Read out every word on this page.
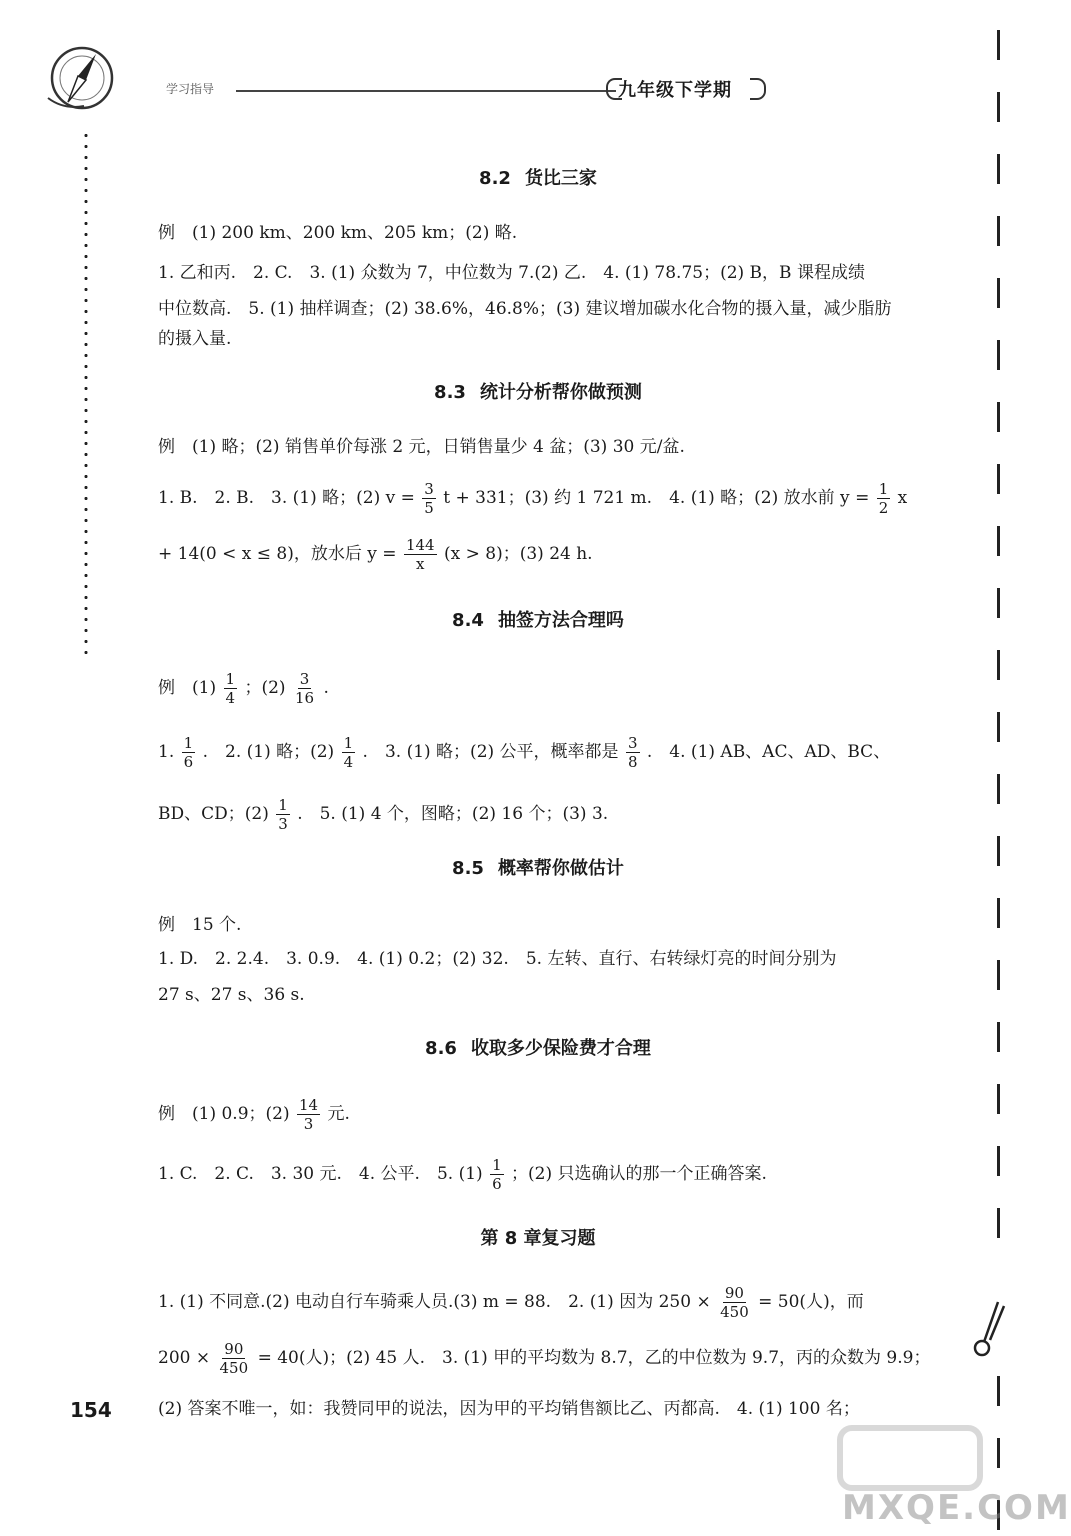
学习指导	九年级下学期
154
8.2 货比三家
例　(1) 200 km、200 km、205 km；(2) 略.
1. 乙和丙.　2. C.　3. (1) 众数为 7，中位数为 7.(2) 乙.　4. (1) 78.75；(2) B，B 课程成绩
中位数高.　5. (1) 抽样调查；(2) 38.6%，46.8%；(3) 建议增加碳水化合物的摄入量，减少脂肪
的摄入量.
8.3 统计分析帮你做预测
例　(1) 略；(2) 销售单价每涨 2 元，日销售量少 4 盆；(3) 30 元/盆.
1. B.　2. B.　3. (1) 略；(2) $v = \frac{3}{5}$ t + 331；(3) 约 1 721 m.　4. (1) 略；(2) 放水前 $y = \frac{1}{2}$ x
+ 14(0 < x ≤ 8)，放水后 $y = \frac{144}{x} (x > 8)$；(3) 24 h.
8.4 抽签方法合理吗
例　$(1) \frac{1}{4}$ ；$(2) \frac{3}{16}$ .
1. $\frac{1}{6}$ .　2. (1) 略；$(2) \frac{1}{4}$ .　3. (1) 略；(2) 公平，概率都是 $\frac{3}{8}$ .　4. (1) AB、AC、AD、BC、
BD、CD；$(2) \frac{1}{3}$ .　5. (1) 4 个，图略；(2) 16 个；(3) 3.
8.5 概率帮你做估计
例　15 个.
1. D.　2. 2.4.　3. 0.9.　4. (1) 0.2；(2) 32.　5. 左转、直行、右转绿灯亮的时间分别为
27 s、27 s、36 s.
8.6 收取多少保险费才合理
例　(1) 0.9；$(2) \frac{14}{3}$ 元.
1. C.　2. C.　3. 30 元.　4. 公平.　5. $(1) \frac{1}{6}$ ；(2) 只选确认的那一个正确答案.
第 8 章复习题
1. (1) 不同意.(2) 电动自行车骑乘人员.(3) m = 88.　2. (1) 因为 $250 \times \frac{90}{450} = 50$(人)，而
$200 \times \frac{90}{450} = 40$(人)；(2) 45 人.　3. (1) 甲的平均数为 8.7，乙的中位数为 9.7，丙的众数为 9.9；
(2) 答案不唯一，如：我赞同甲的说法，因为甲的平均销售额比乙、丙都高.　4. (1) 100 名；
MXQE.COM
